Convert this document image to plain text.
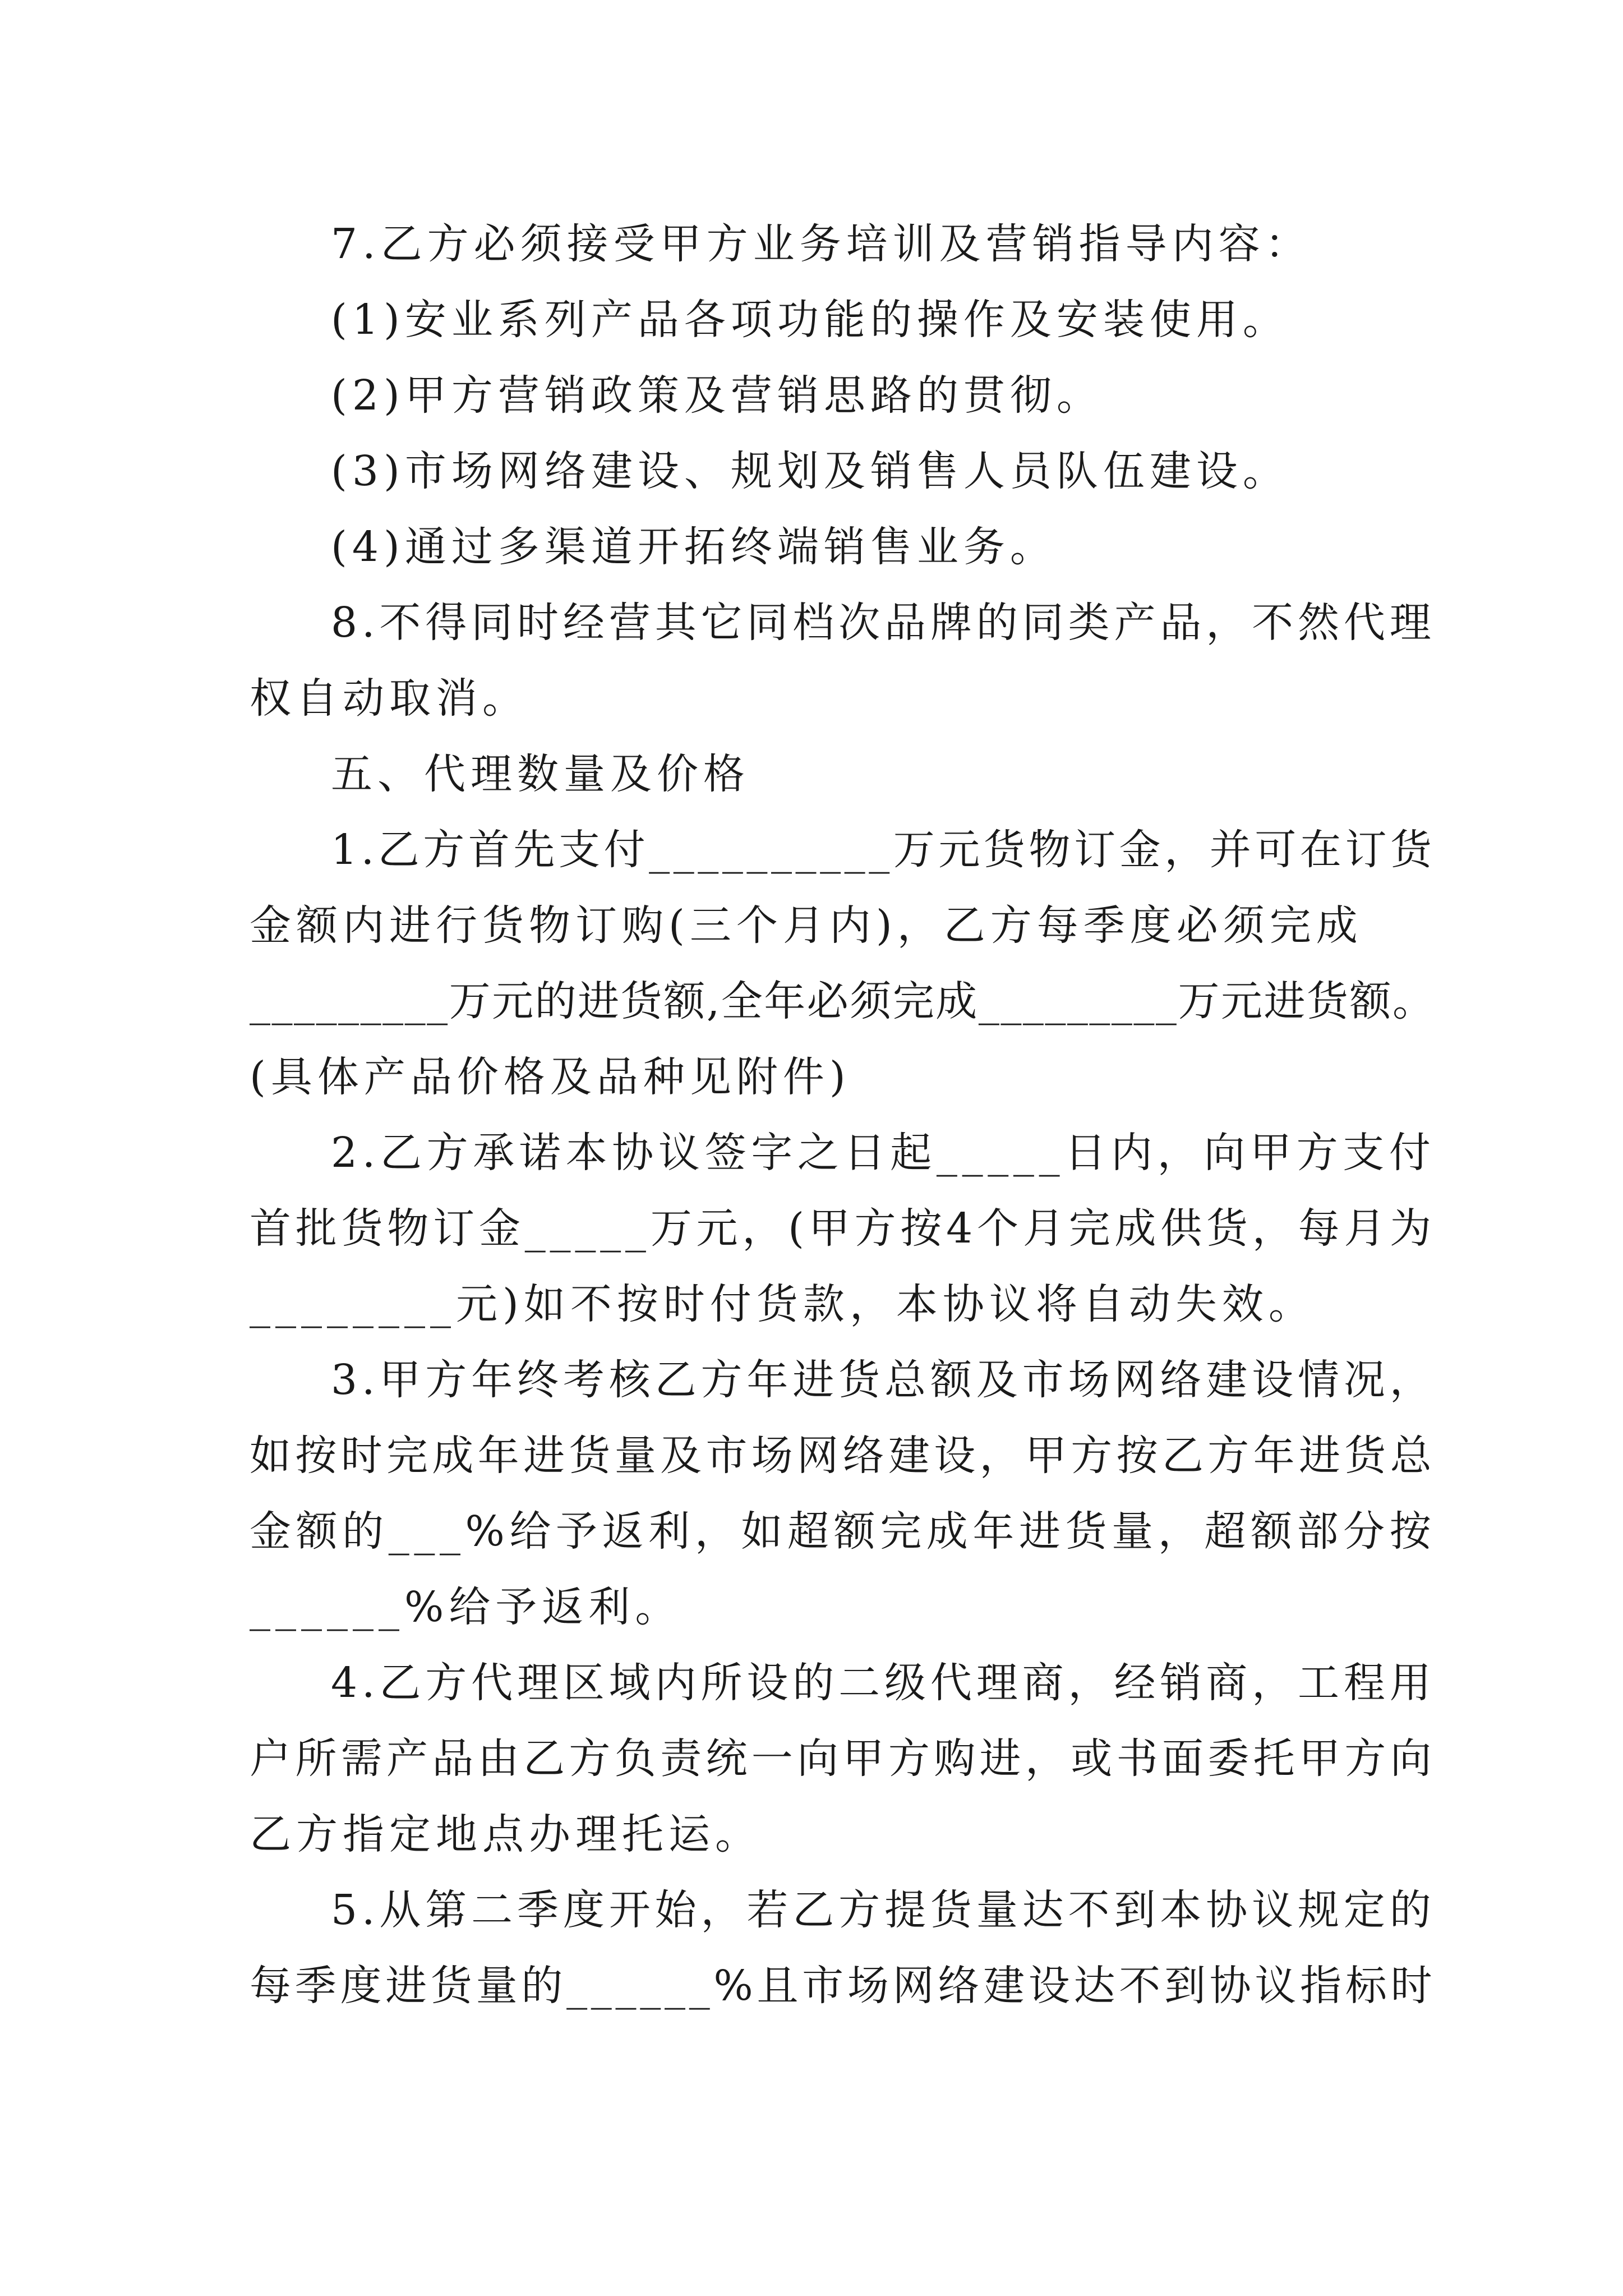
7.乙方必须接受甲方业务培训及营销指导内容：
(1)安业系列产品各项功能的操作及安装使用。
(2)甲方营销政策及营销思路的贯彻。
(3)市场网络建设、规划及销售人员队伍建设。
(4)通过多渠道开拓终端销售业务。
8.不得同时经营其它同档次品牌的同类产品，不然代理
权自动取消。
五、代理数量及价格
1.乙方首先支付__________万元货物订金，并可在订货
金额内进行货物订购(三个月内)，乙方每季度必须完成
_________万元的进货额,全年必须完成_________万元进货额。
(具体产品价格及品种见附件)
2.乙方承诺本协议签字之日起_____日内，向甲方支付
首批货物订金_____万元，(甲方按4个月完成供货，每月为
________元)如不按时付货款，本协议将自动失效。
3.甲方年终考核乙方年进货总额及市场网络建设情况，
如按时完成年进货量及市场网络建设，甲方按乙方年进货总
金额的___%给予返利，如超额完成年进货量，超额部分按
______%给予返利。
4.乙方代理区域内所设的二级代理商，经销商，工程用
户所需产品由乙方负责统一向甲方购进，或书面委托甲方向
乙方指定地点办理托运。
5.从第二季度开始，若乙方提货量达不到本协议规定的
每季度进货量的______%且市场网络建设达不到协议指标时
